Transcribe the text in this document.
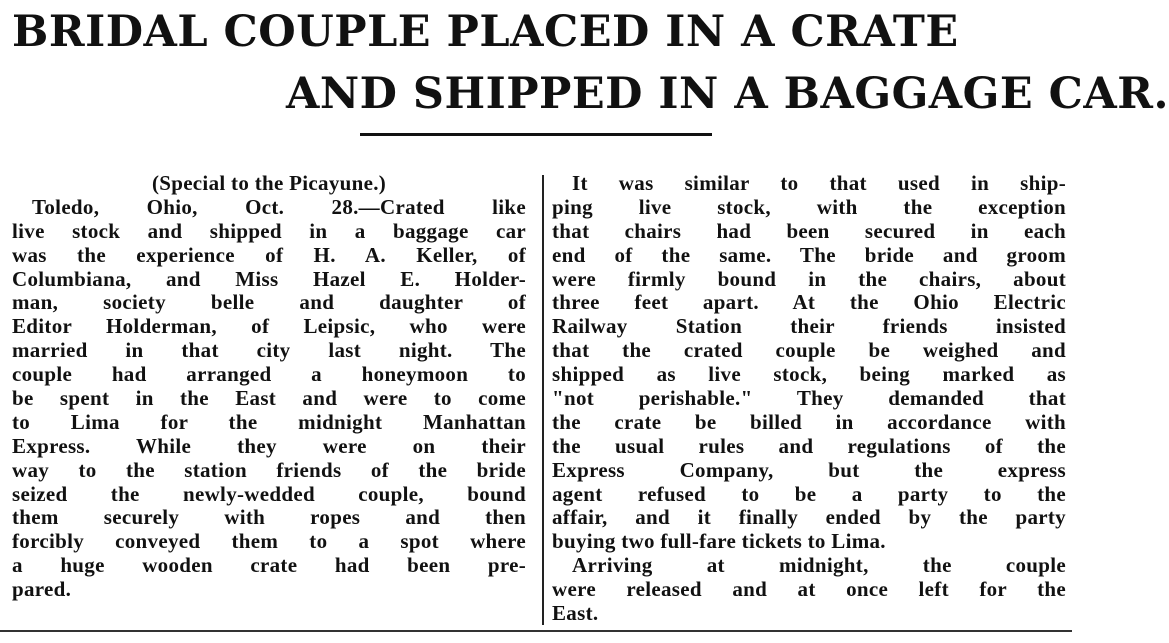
BRIDAL COUPLE PLACED IN A CRATE
AND SHIPPED IN A BAGGAGE CAR.
(Special to the Picayune.)
Toledo, Ohio, Oct. 28.—Crated like
live stock and shipped in a baggage car
was the experience of H. A. Keller, of
Columbiana, and Miss Hazel E. Holder-
man, society belle and daughter of
Editor Holderman, of Leipsic, who were
married in that city last night. The
couple had arranged a honeymoon to
be spent in the East and were to come
to Lima for the midnight Manhattan
Express. While they were on their
way to the station friends of the bride
seized the newly-wedded couple, bound
them securely with ropes and then
forcibly conveyed them to a spot where
a huge wooden crate had been pre-
pared.
It was similar to that used in ship-
ping live stock, with the exception
that chairs had been secured in each
end of the same. The bride and groom
were firmly bound in the chairs, about
three feet apart. At the Ohio Electric
Railway Station their friends insisted
that the crated couple be weighed and
shipped as live stock, being marked as
"not perishable." They demanded that
the crate be billed in accordance with
the usual rules and regulations of the
Express Company, but the express
agent refused to be a party to the
affair, and it finally ended by the party
buying two full-fare tickets to Lima.
Arriving at midnight, the couple
were released and at once left for the
East.
